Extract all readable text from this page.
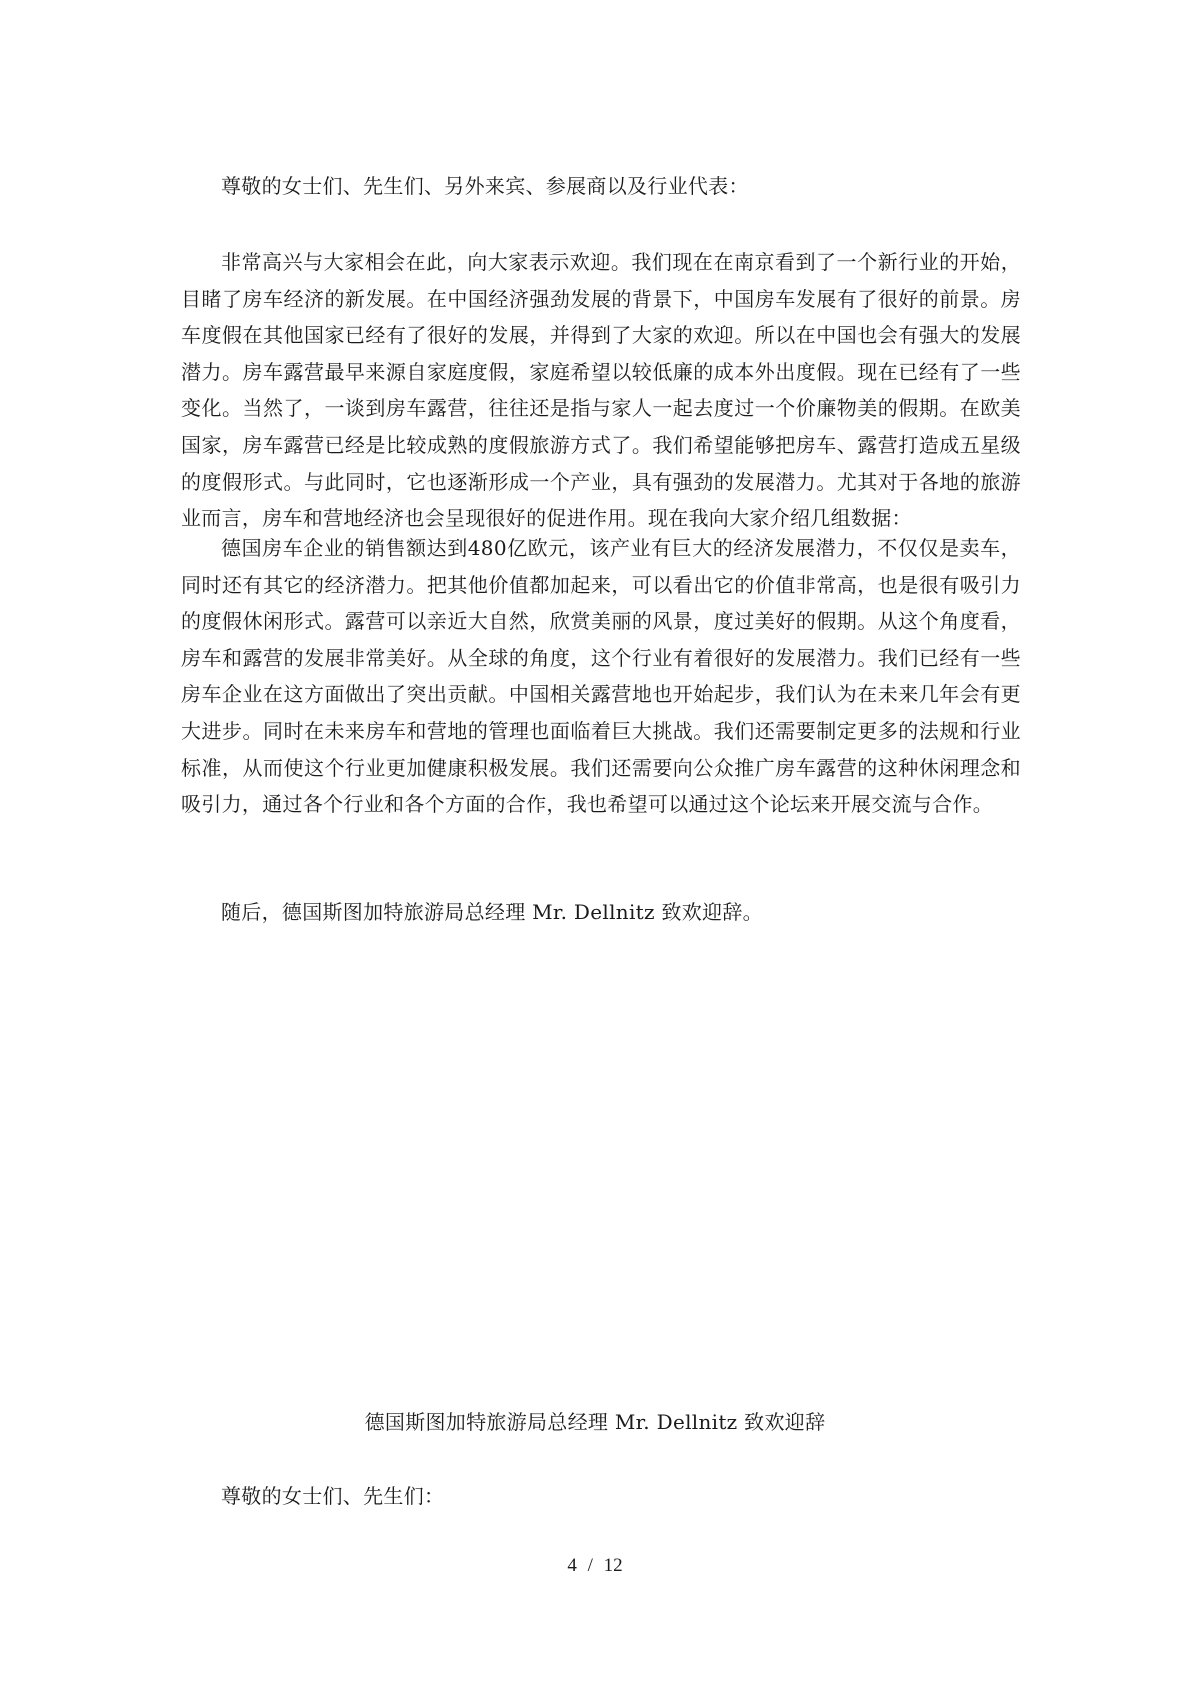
尊敬的女士们、先生们、另外来宾、参展商以及行业代表：

非常高兴与大家相会在此，向大家表示欢迎。我们现在在南京看到了一个新行业的开始，目睹了房车经济的新发展。在中国经济强劲发展的背景下，中国房车发展有了很好的前景。房车度假在其他国家已经有了很好的发展，并得到了大家的欢迎。所以在中国也会有强大的发展潜力。房车露营最早来源自家庭度假，家庭希望以较低廉的成本外出度假。现在已经有了一些变化。当然了，一谈到房车露营，往往还是指与家人一起去度过一个价廉物美的假期。在欧美国家，房车露营已经是比较成熟的度假旅游方式了。我们希望能够把房车、露营打造成五星级的度假形式。与此同时，它也逐渐形成一个产业，具有强劲的发展潜力。尤其对于各地的旅游业而言，房车和营地经济也会呈现很好的促进作用。现在我向大家介绍几组数据：

德国房车企业的销售额达到480亿欧元，该产业有巨大的经济发展潜力，不仅仅是卖车，同时还有其它的经济潜力。把其他价值都加起来，可以看出它的价值非常高，也是很有吸引力的度假休闲形式。露营可以亲近大自然，欣赏美丽的风景，度过美好的假期。从这个角度看，房车和露营的发展非常美好。从全球的角度，这个行业有着很好的发展潜力。我们已经有一些房车企业在这方面做出了突出贡献。中国相关露营地也开始起步，我们认为在未来几年会有更大进步。同时在未来房车和营地的管理也面临着巨大挑战。我们还需要制定更多的法规和行业标准，从而使这个行业更加健康积极发展。我们还需要向公众推广房车露营的这种休闲理念和吸引力，通过各个行业和各个方面的合作，我也希望可以通过这个论坛来开展交流与合作。

随后，德国斯图加特旅游局总经理 Mr. Dellnitz 致欢迎辞。

德国斯图加特旅游局总经理 Mr. Dellnitz 致欢迎辞

尊敬的女士们、先生们：

4 / 12
